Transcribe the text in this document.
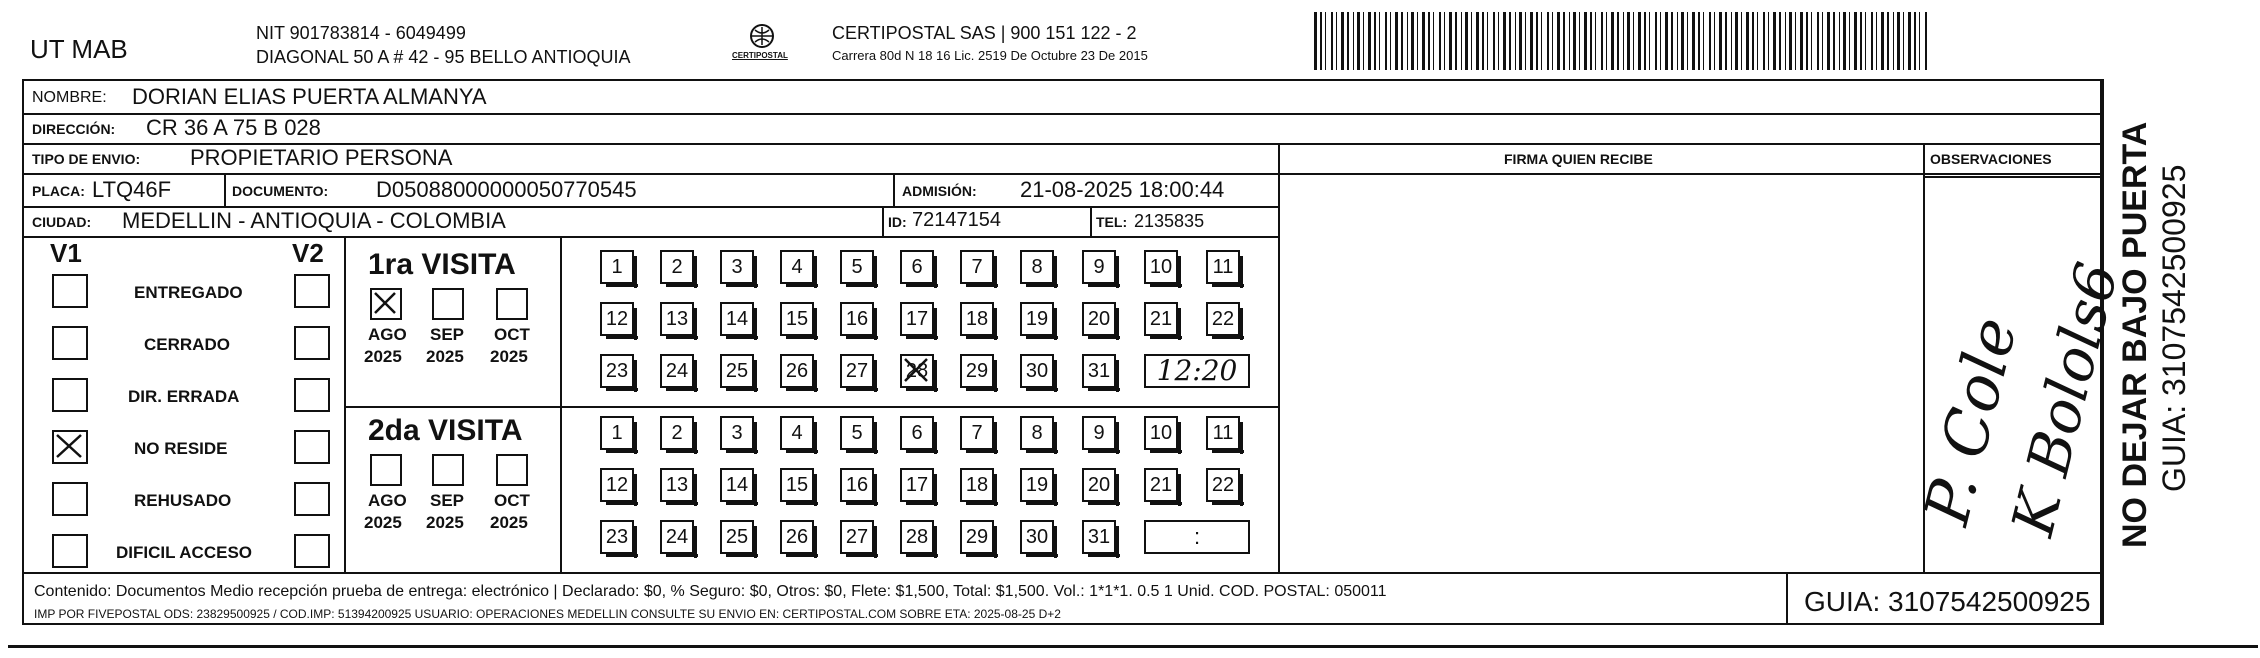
UT MAB
NIT 901783814 - 6049499
DIAGONAL 50 A # 42 - 95 BELLO ANTIOQUIA	CERTIPOSTAL
CERTIPOSTAL SAS | 900 151 122 - 2
Carrera 80d N 18 16 Lic. 2519 De Octubre 23 De 2015
NOMBRE: DORIAN ELIAS PUERTA ALMANYA
DIRECCIÓN: CR 36 A 75 B 028
TIPO DE ENVIO: PROPIETARIO PERSONA	FIRMA QUIEN RECIBE	OBSERVACIONES
PLACA: LTQ46F	DOCUMENTO: D05088000000050770545	ADMISIÓN: 21-08-2025 18:00:44
CIUDAD: MEDELLIN - ANTIOQUIA - COLOMBIA	ID: 72147154	TEL: 2135835
V1	V2
ENTREGADO
CERRADO
DIR. ERRADA
NO RESIDE
REHUSADO
DIFICIL ACCESO
1ra VISITA
2da VISITA
AGO
2025
SEP
2025
OCT
2025
1	2	3	4	5	6	7	8	9	10	11
12 13 14 15 16 17 18 19 20 21 22
23 24 25 26 27 28 29 30 31	12:20
AGO
2025
SEP
2025
OCT
2025
1	2	3	4	5	6	7	8	9	10	11
12 13 14 15 16 17 18 19 20 21 22
23 24 25 26 27 28 29 30 31	:
P. Cole
K Bolols6
NO DEJAR BAJO PUERTA GUIA: 3107542500925
Contenido: Documentos Medio recepción prueba de entrega: electrónico | Declarado: $0, % Seguro: $0, Otros: $0, Flete: $1,500, Total: $1,500. Vol.: 1*1*1. 0.5 1 Unid. COD. POSTAL: 050011
IMP POR FIVEPOSTAL ODS: 23829500925 / COD.IMP: 51394200925 USUARIO: OPERACIONES MEDELLIN CONSULTE SU ENVIO EN: CERTIPOSTAL.COM SOBRE ETA: 2025-08-25 D+2	GUIA: 3107542500925
